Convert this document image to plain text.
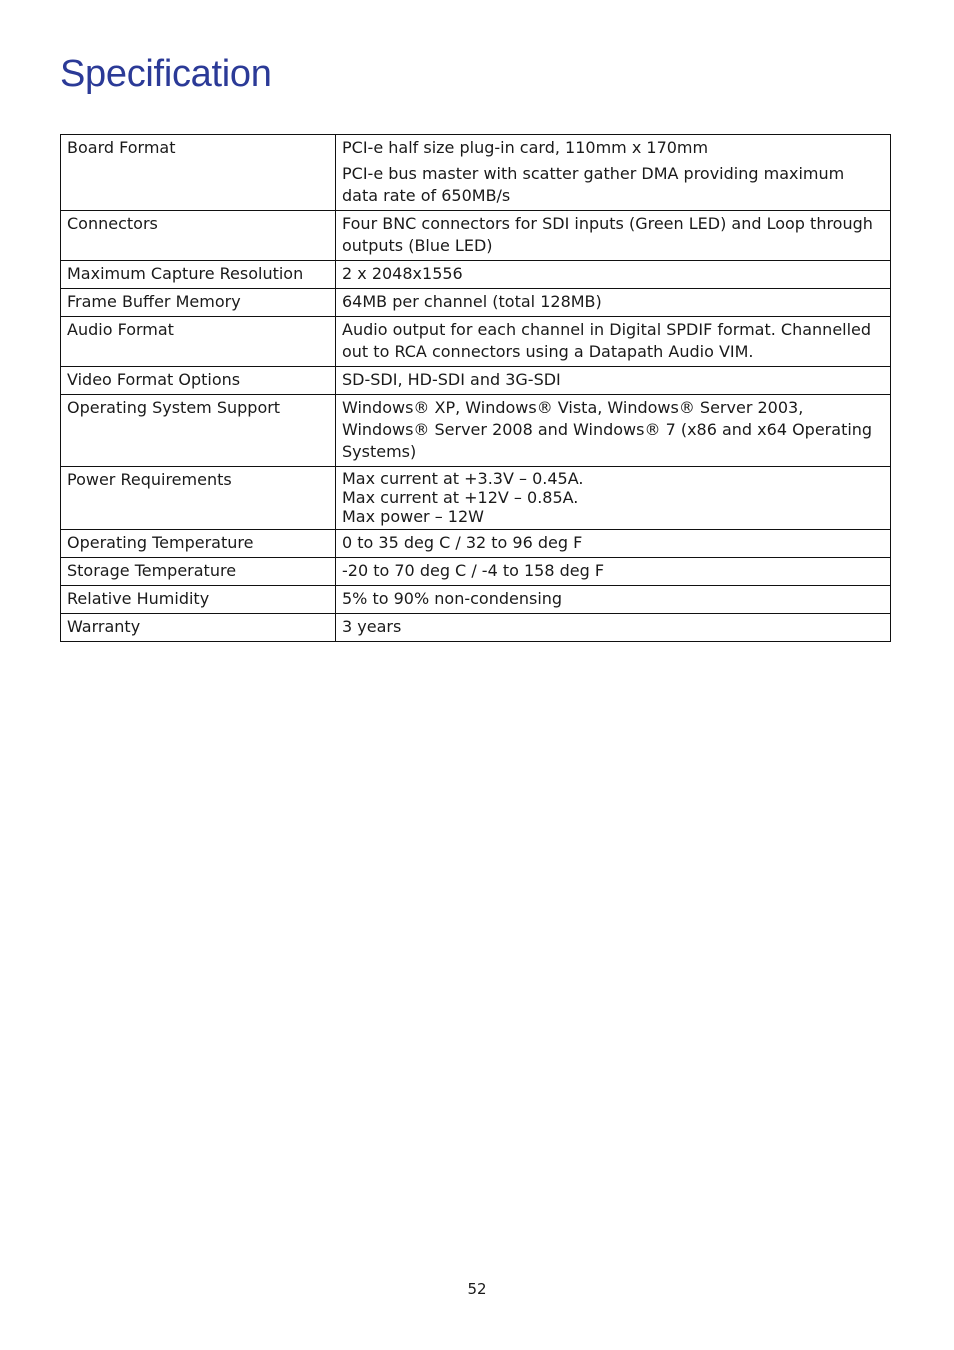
Specification
Board Format	PCI-e half size plug-in card, 110mm x 170mm
PCI-e bus master with scatter gather DMA providing maximum data rate of 650MB/s

Connectors	Four BNC connectors for SDI inputs (Green LED) and Loop through outputs (Blue LED)

Maximum Capture Resolution	2 x 2048x1556

Frame Buffer Memory	64MB per channel (total 128MB)

Audio Format	Audio output for each channel in Digital SPDIF format. Channelled out to RCA connectors using a Datapath Audio VIM.

Video Format Options	SD-SDI, HD-SDI and 3G-SDI

Operating System Support	Windows® XP, Windows® Vista, Windows® Server 2003, Windows® Server 2008 and Windows® 7 (x86 and x64 Operating Systems)

Power Requirements	Max current at +3.3V – 0.45A.
Max current at +12V – 0.85A.
Max power – 12W

Operating Temperature	0 to 35 deg C / 32 to 96 deg F

Storage Temperature	-20 to 70 deg C / -4 to 158 deg F

Relative Humidity	5% to 90% non-condensing

Warranty	3 years
52
